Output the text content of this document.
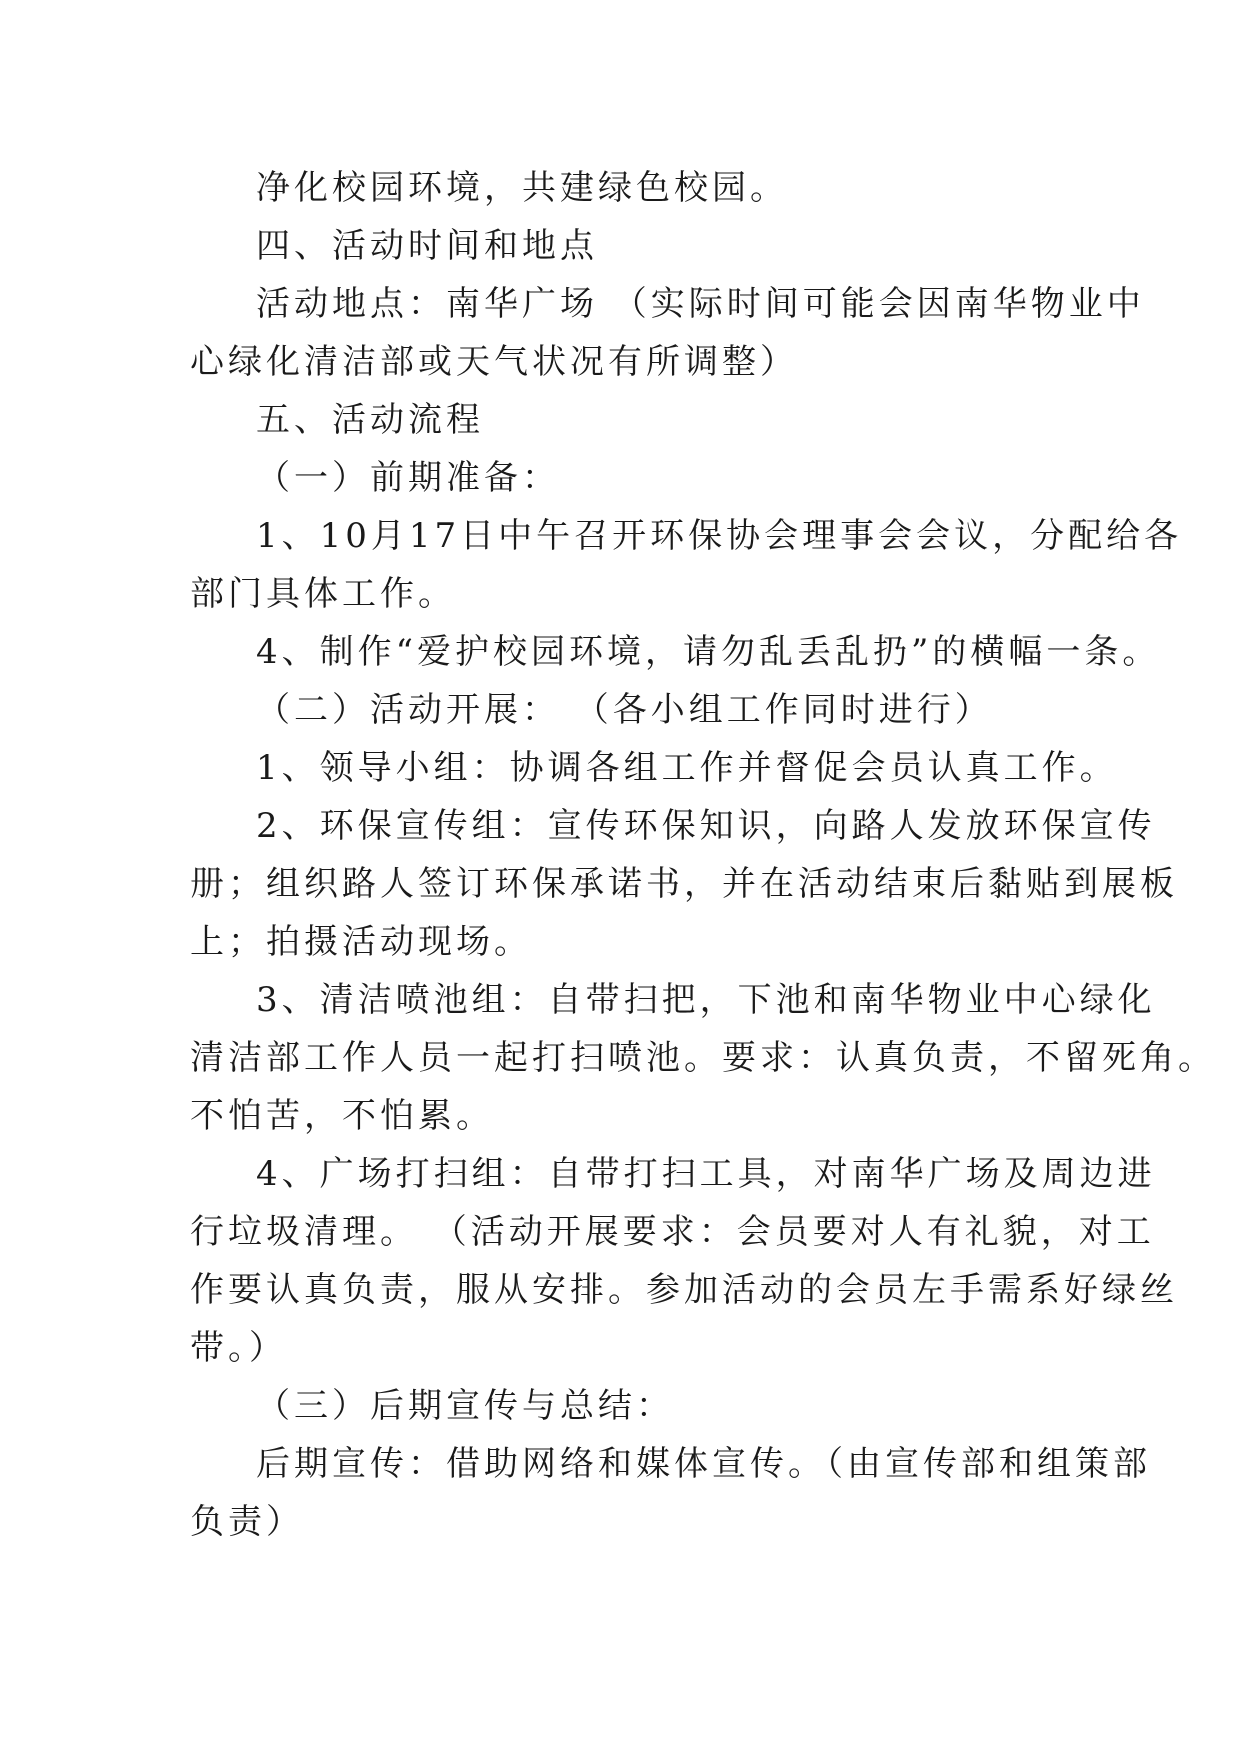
净化校园环境，共建绿色校园。
四、活动时间和地点
活动地点：南华广场 （实际时间可能会因南华物业中
心绿化清洁部或天气状况有所调整）
五、活动流程
（一）前期准备：
1、10月17日中午召开环保协会理事会会议，分配给各
部门具体工作。
4、制作“爱护校园环境，请勿乱丢乱扔”的横幅一条。
（二）活动开展： （各小组工作同时进行）
1、领导小组：协调各组工作并督促会员认真工作。
2、环保宣传组：宣传环保知识，向路人发放环保宣传
册；组织路人签订环保承诺书，并在活动结束后黏贴到展板
上；拍摄活动现场。
3、清洁喷池组：自带扫把，下池和南华物业中心绿化
清洁部工作人员一起打扫喷池。要求：认真负责，不留死角。
不怕苦，不怕累。
4、广场打扫组：自带打扫工具，对南华广场及周边进
行垃圾清理。 （活动开展要求：会员要对人有礼貌，对工
作要认真负责，服从安排。参加活动的会员左手需系好绿丝
带。）
（三）后期宣传与总结：
后期宣传：借助网络和媒体宣传。（由宣传部和组策部
负责）
